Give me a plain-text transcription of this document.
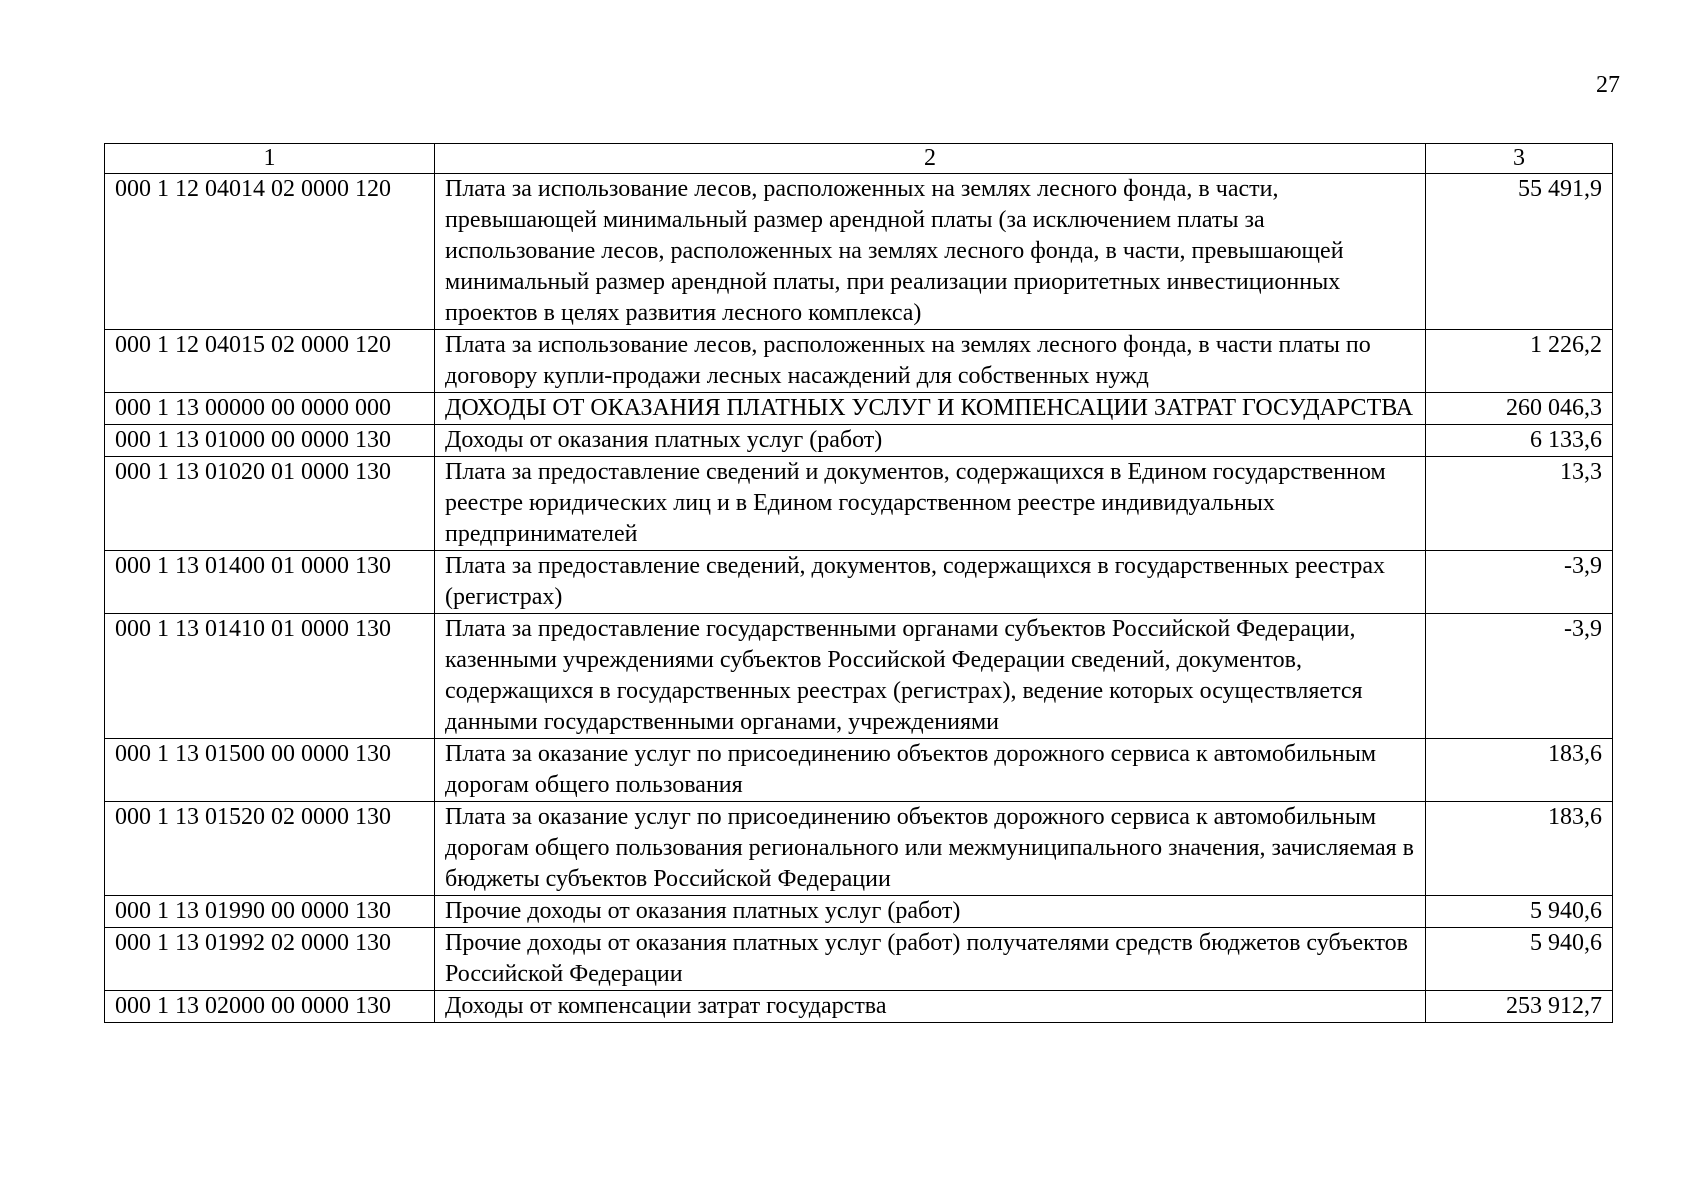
27
1	2	3
000 1 12 04014 02 0000 120	Плата за использование лесов, расположенных на землях лесного фонда, в части, превышающей минимальный размер арендной платы (за исключением платы за использование лесов, расположенных на землях лесного фонда, в части, превышающей минимальный размер арендной платы, при реализации приоритетных инвестиционных проектов в целях развития лесного комплекса)	55 491,9
000 1 12 04015 02 0000 120	Плата за использование лесов, расположенных на землях лесного фонда, в части платы по договору купли-продажи лесных насаждений для собственных нужд	1 226,2
000 1 13 00000 00 0000 000	ДОХОДЫ ОТ ОКАЗАНИЯ ПЛАТНЫХ УСЛУГ И КОМПЕНСАЦИИ ЗАТРАТ ГОСУДАРСТВА	260 046,3
000 1 13 01000 00 0000 130	Доходы от оказания платных услуг (работ)	6 133,6
000 1 13 01020 01 0000 130	Плата за предоставление сведений и документов, содержащихся в Едином государственном реестре юридических лиц и в Едином государственном реестре индивидуальных предпринимателей	13,3
000 1 13 01400 01 0000 130	Плата за предоставление сведений, документов, содержащихся в государственных реестрах (регистрах)	-3,9
000 1 13 01410 01 0000 130	Плата за предоставление государственными органами субъектов Российской Федерации, казенными учреждениями субъектов Российской Федерации сведений, документов, содержащихся в государственных реестрах (регистрах), ведение которых осуществляется данными государственными органами, учреждениями	-3,9
000 1 13 01500 00 0000 130	Плата за оказание услуг по присоединению объектов дорожного сервиса к автомобильным дорогам общего пользования	183,6
000 1 13 01520 02 0000 130	Плата за оказание услуг по присоединению объектов дорожного сервиса к автомобильным дорогам общего пользования регионального или межмуниципального значения, зачисляемая в бюджеты субъектов Российской Федерации	183,6
000 1 13 01990 00 0000 130	Прочие доходы от оказания платных услуг (работ)	5 940,6
000 1 13 01992 02 0000 130	Прочие доходы от оказания платных услуг (работ) получателями средств бюджетов субъектов Российской Федерации	5 940,6
000 1 13 02000 00 0000 130	Доходы от компенсации затрат государства	253 912,7
